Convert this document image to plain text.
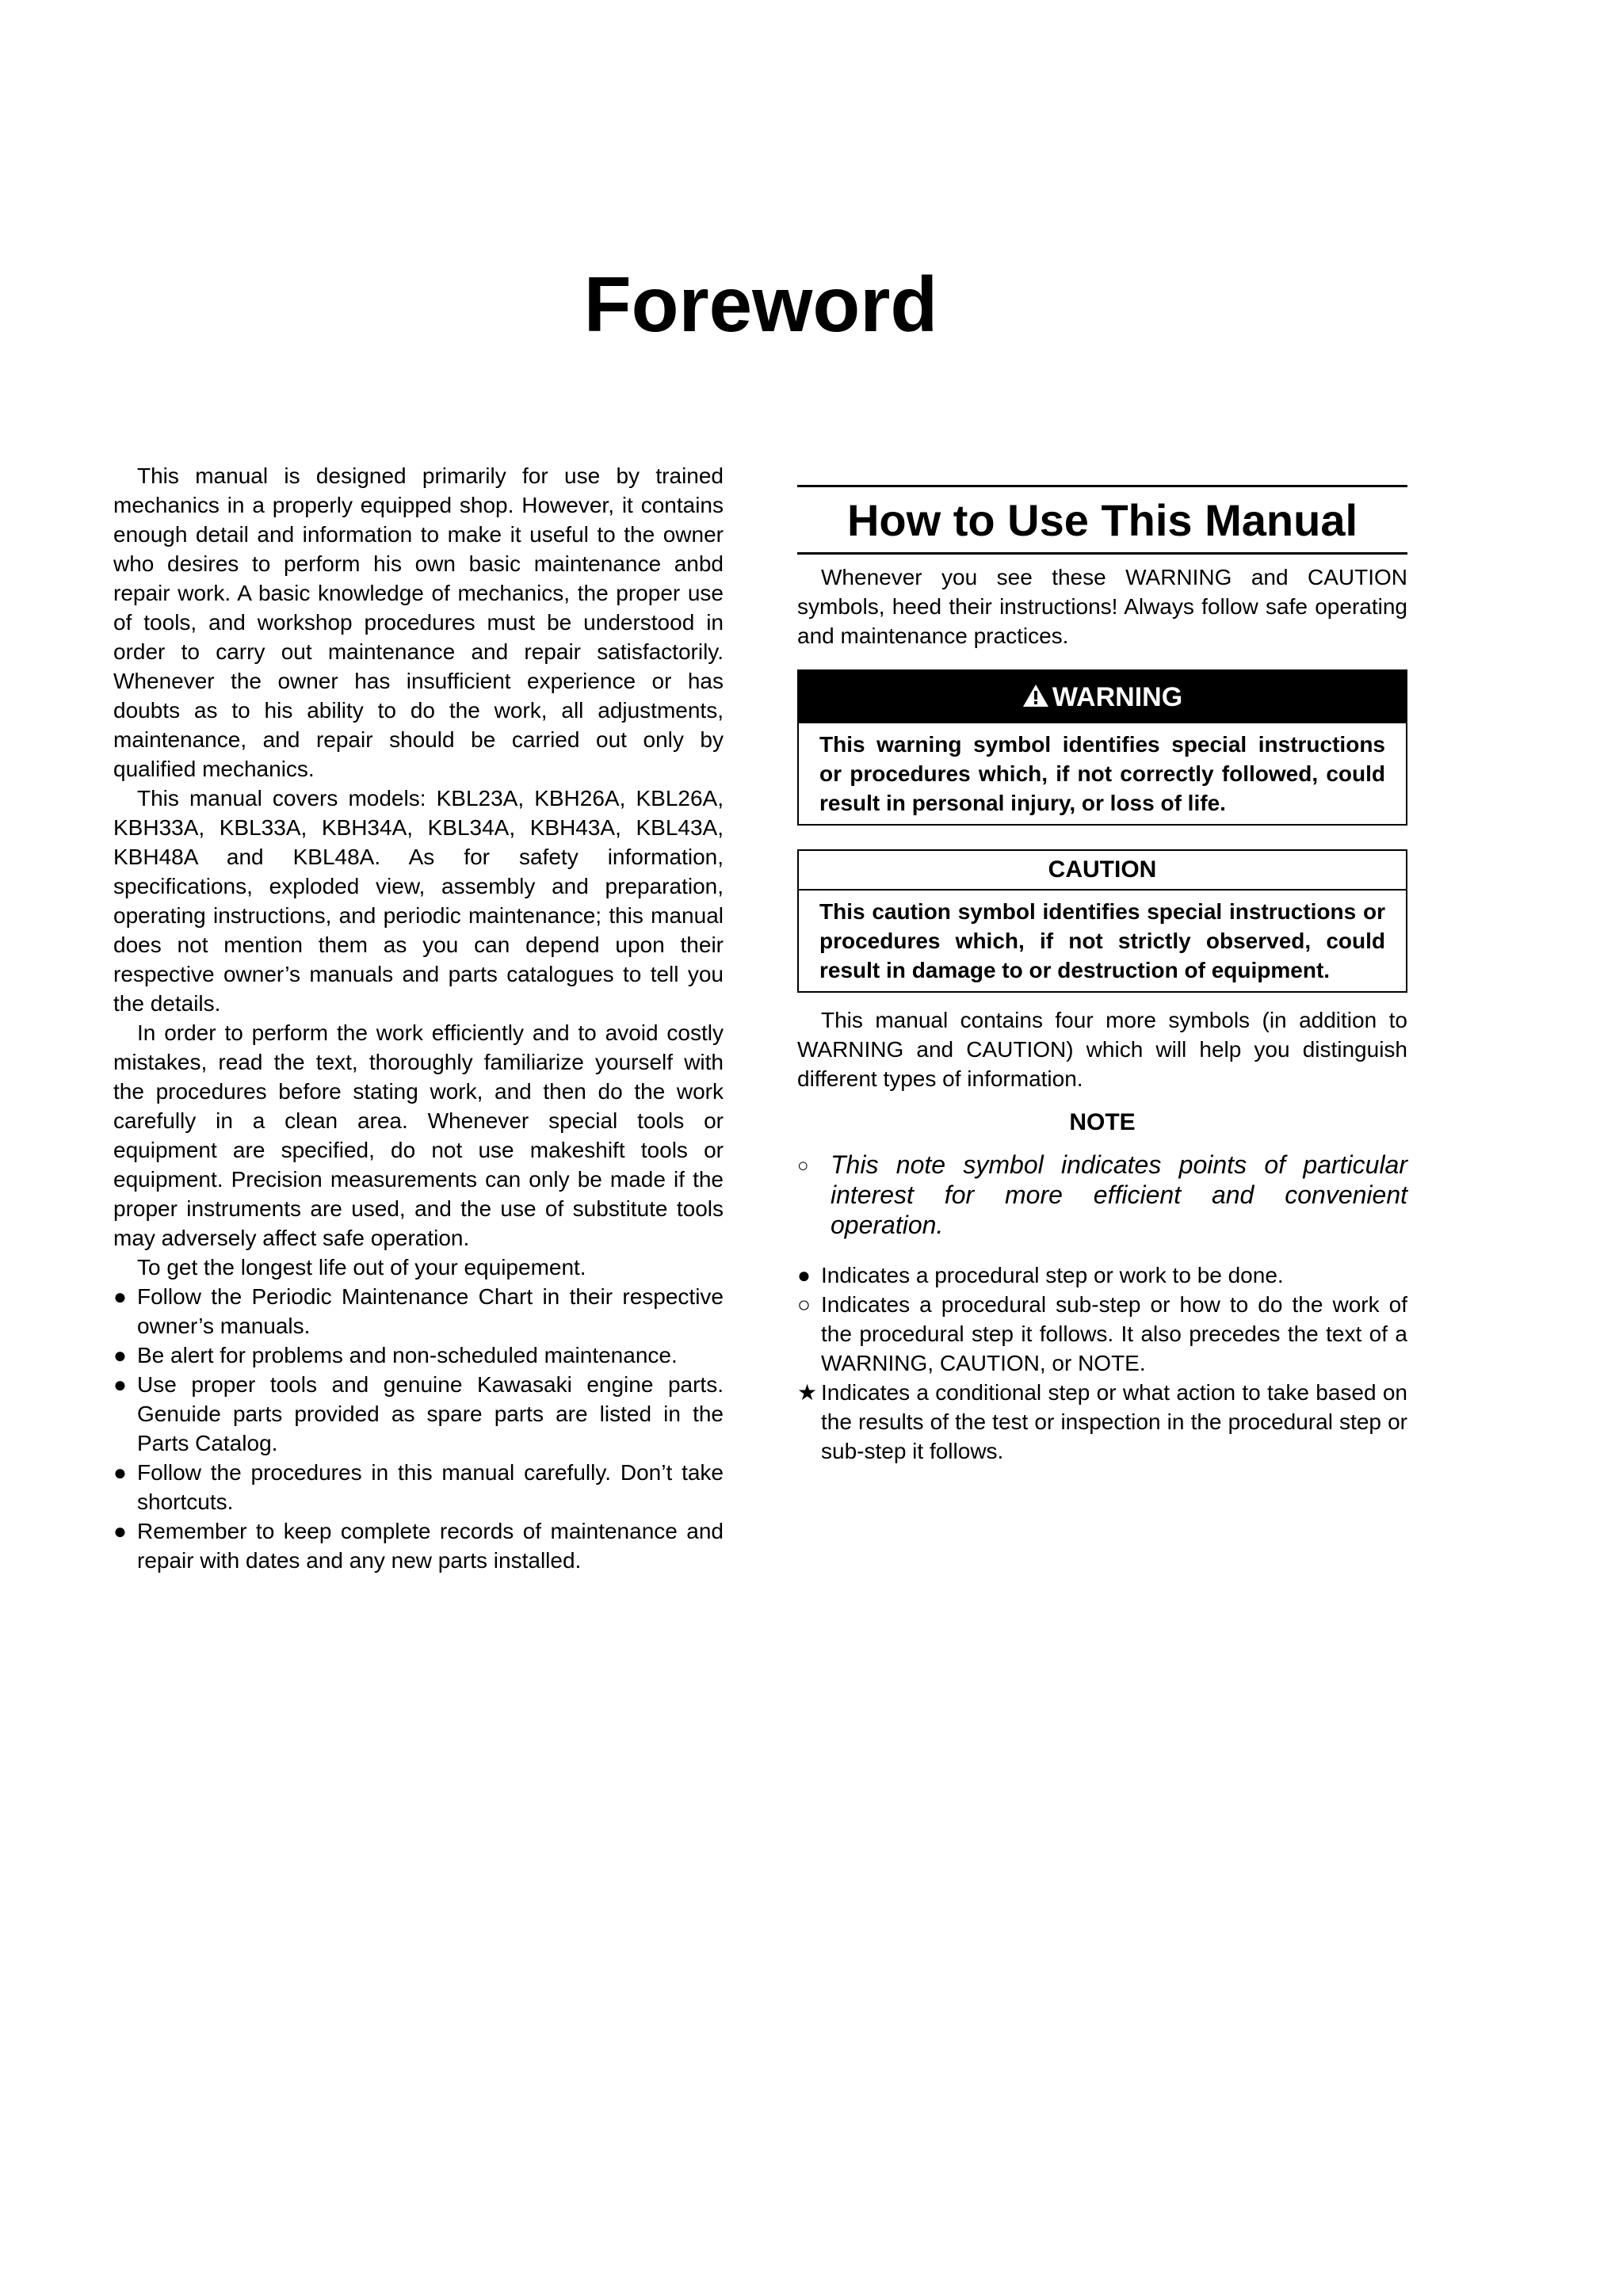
Foreword

This manual is designed primarily for use by trained mechanics in a properly equipped shop. However, it contains enough detail and information to make it useful to the owner who desires to perform his own basic maintenance anbd repair work. A basic knowledge of mechanics, the proper use of tools, and workshop procedures must be understood in order to carry out maintenance and repair satisfactorily. Whenever the owner has insufficient experience or has doubts as to his ability to do the work, all adjustments, maintenance, and repair should be carried out only by qualified mechanics.

This manual covers models: KBL23A, KBH26A, KBL26A, KBH33A, KBL33A, KBH34A, KBL34A, KBH43A, KBL43A, KBH48A and KBL48A. As for safety information, specifications, exploded view, assembly and preparation, operating instructions, and periodic maintenance; this manual does not mention them as you can depend upon their respective owner’s manuals and parts catalogues to tell you the details.

In order to perform the work efficiently and to avoid costly mistakes, read the text, thoroughly familiarize yourself with the procedures before stating work, and then do the work carefully in a clean area. Whenever special tools or equipment are specified, do not use makeshift tools or equipment. Precision measurements can only be made if the proper instruments are used, and the use of substitute tools may adversely affect safe operation.

To get the longest life out of your equipement.

● Follow the Periodic Maintenance Chart in their respective owner’s manuals.
● Be alert for problems and non-scheduled maintenance.
● Use proper tools and genuine Kawasaki engine parts. Genuide parts provided as spare parts are listed in the Parts Catalog.
● Follow the procedures in this manual carefully. Don’t take shortcuts.
● Remember to keep complete records of maintenance and repair with dates and any new parts installed.
How to Use This Manual

Whenever you see these WARNING and CAUTION symbols, heed their instructions! Always follow safe operating and maintenance practices.

WARNING
This warning symbol identifies special instructions or procedures which, if not correctly followed, could result in personal injury, or loss of life.
CAUTION
This caution symbol identifies special instructions or procedures which, if not strictly observed, could result in damage to or destruction of equipment.

This manual contains four more symbols (in addition to WARNING and CAUTION) which will help you distinguish different types of information.

NOTE
○ This note symbol indicates points of particular interest for more efficient and convenient operation.
● Indicates a procedural step or work to be done.
○ Indicates a procedural sub-step or how to do the work of the procedural step it follows. It also precedes the text of a WARNING, CAUTION, or NOTE.
★ Indicates a conditional step or what action to take based on the results of the test or inspection in the procedural step or sub-step it follows.
